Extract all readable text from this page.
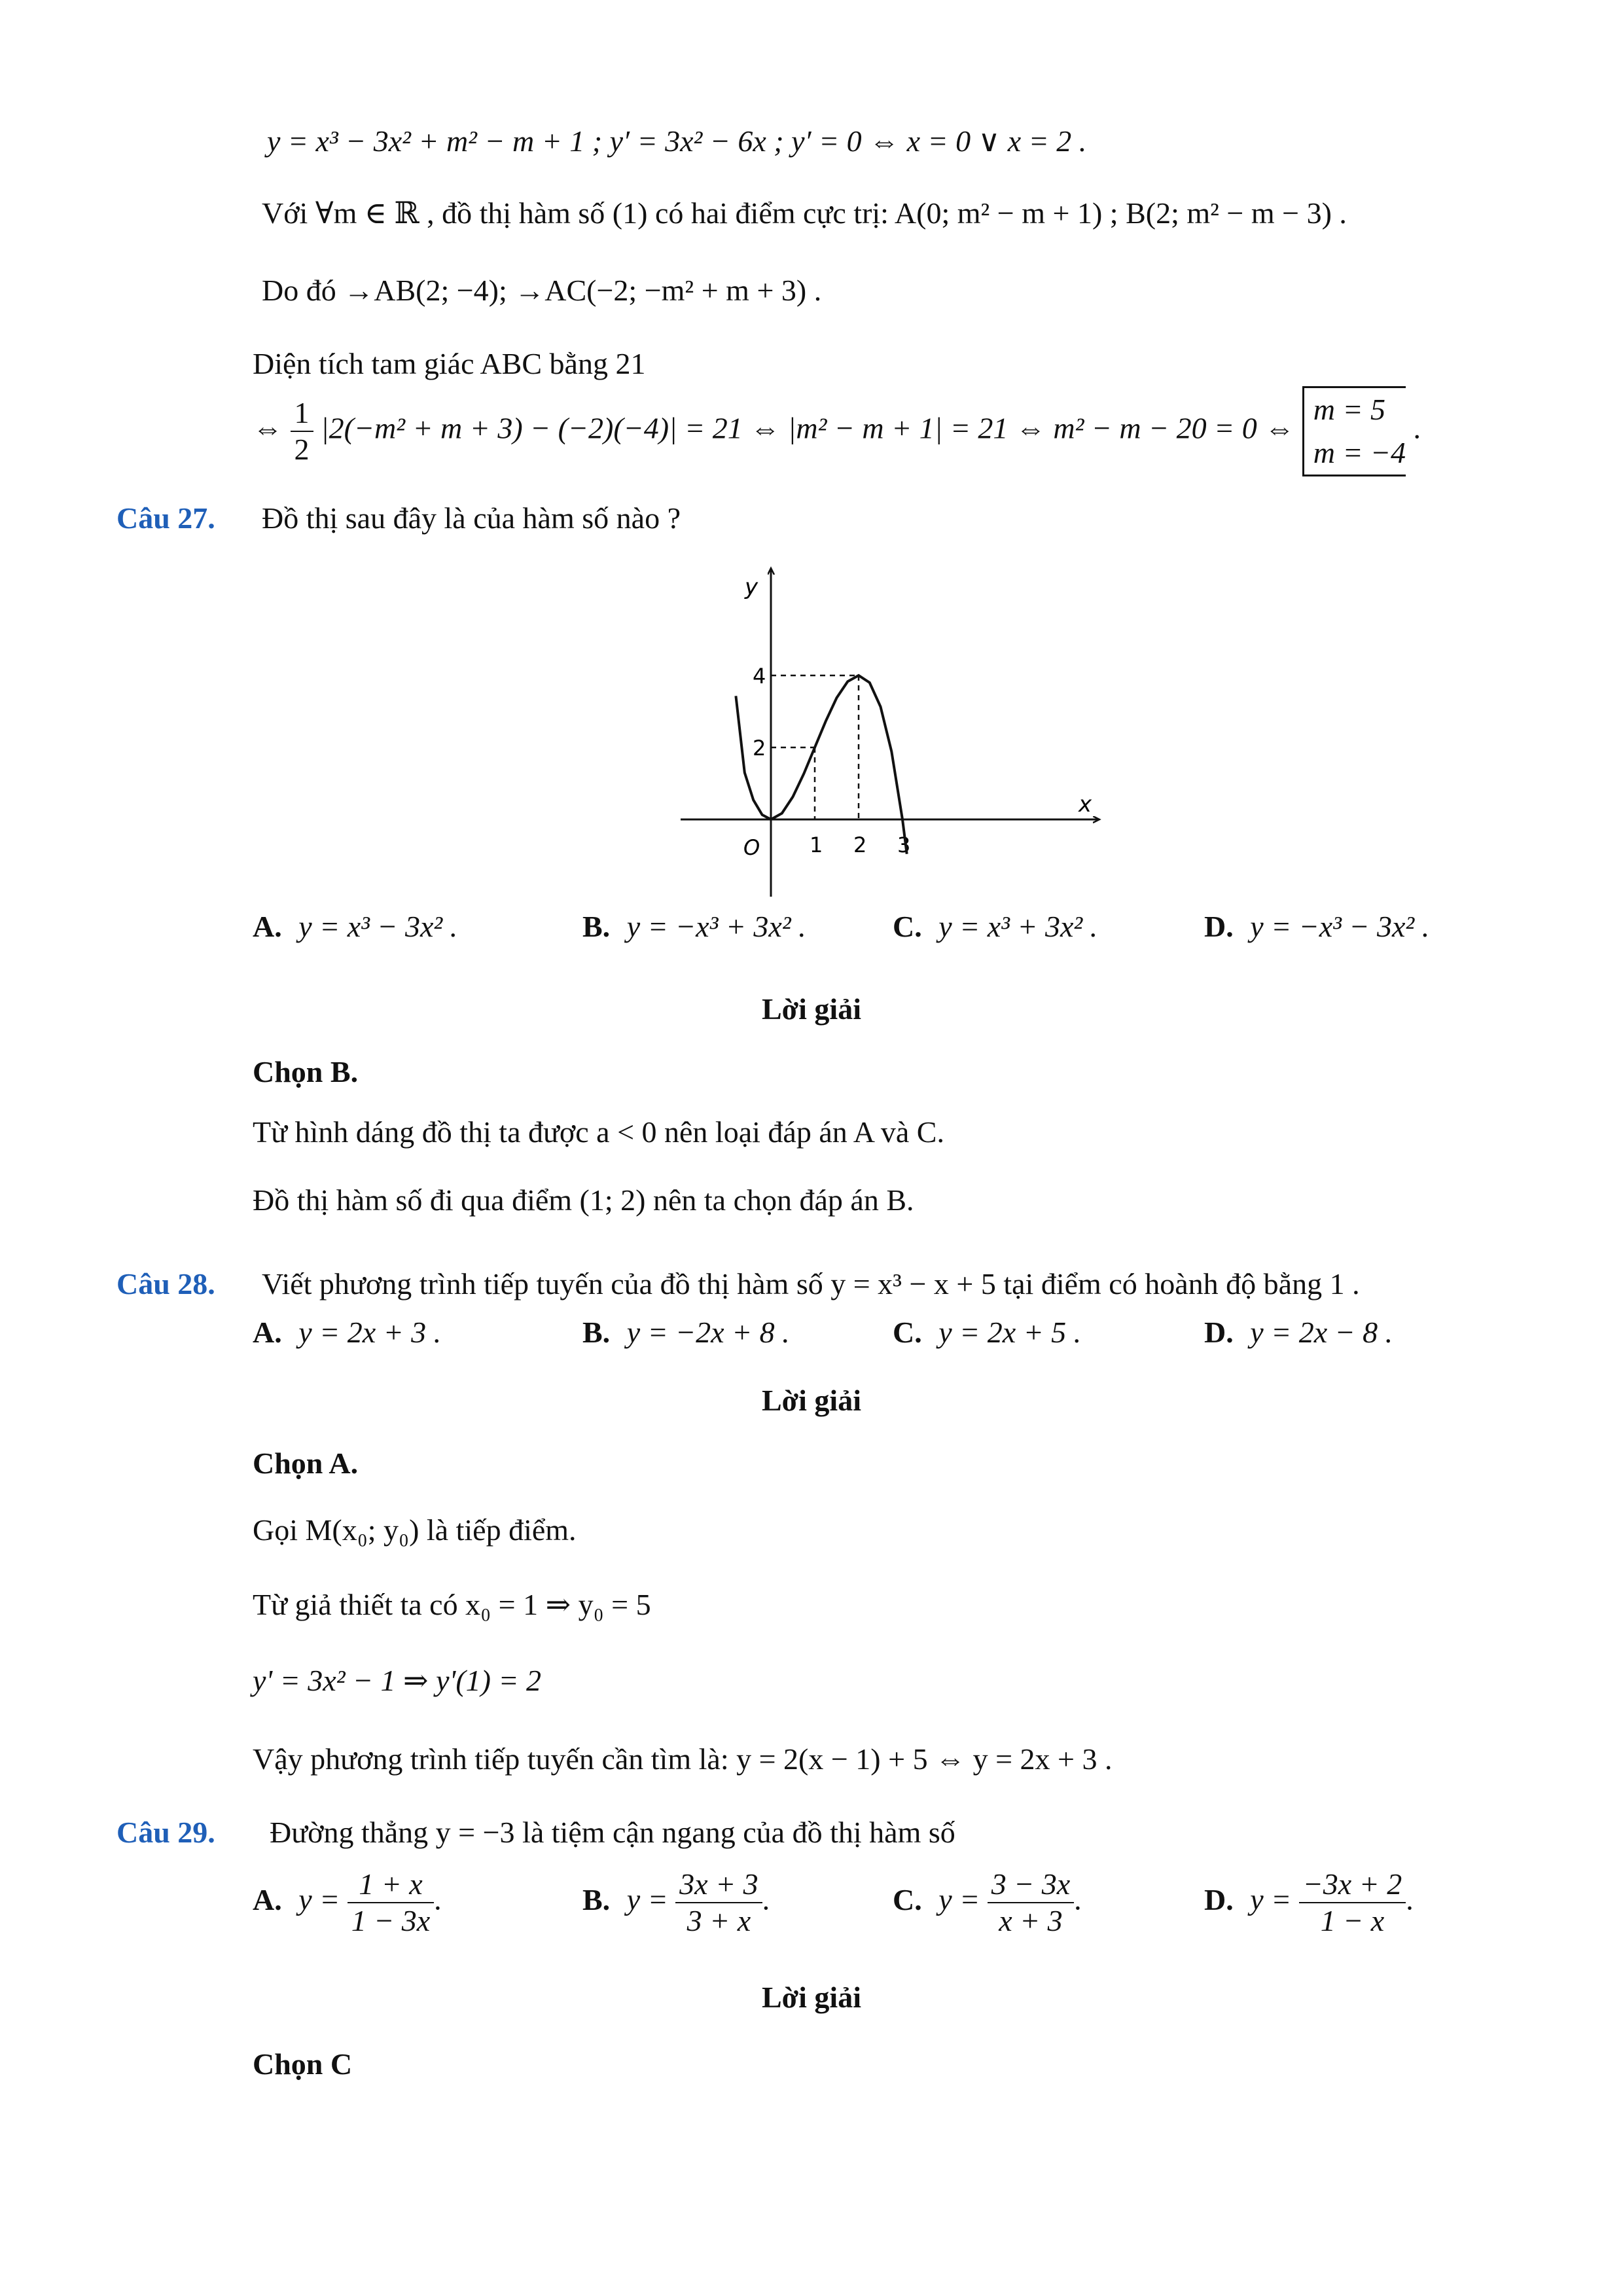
y = x³ − 3x² + m² − m + 1 ; y′ = 3x² − 6x ; y′ = 0 ⇔ x = 0 ∨ x = 2 .
Với ∀m ∈ ℝ , đồ thị hàm số (1) có hai điểm cực trị: A(0; m² − m + 1) ; B(2; m² − m − 3) .
Do đó →AB(2; −4); →AC(−2; −m² + m + 3) .
Diện tích tam giác ABC bằng 21
⇔ $\frac{1}{2} |2(-m^2 + m + 3) - (-2)(-4)| = 21$ ⇔ |m² − m + 1| = 21 ⇔ m² − m − 20 = 0 ⇔
m = 5
m = −4
.
Câu 27. Đồ thị sau đây là của hàm số nào ?
x
y
O 1 2 3
2
4
A. y = x³ − 3x² .	B. y = −x³ + 3x² .	C. y = x³ + 3x² .	D. y = −x³ − 3x² .
Lời giải
Chọn B.
Từ hình dáng đồ thị ta được a < 0 nên loại đáp án A và C.
Đồ thị hàm số đi qua điểm (1; 2) nên ta chọn đáp án B.
Câu 28. Viết phương trình tiếp tuyến của đồ thị hàm số y = x³ − x + 5 tại điểm có hoành độ bằng 1 .
A. y = 2x + 3 .	B. y = −2x + 8 .	C. y = 2x + 5 .	D. y = 2x − 8 .
Lời giải
Chọn A.
Gọi M(x₀; y₀) là tiếp điểm.
Từ giả thiết ta có x₀ = 1 ⇒ y₀ = 5
y' = 3x² − 1 ⇒ y'(1) = 2
Vậy phương trình tiếp tuyến cần tìm là: y = 2(x − 1) + 5 ⇔ y = 2x + 3 .
Câu 29. Đường thẳng y = −3 là tiệm cận ngang của đồ thị hàm số
A. $y = \frac{1 + x}{1 - 3x}$ .	B. $y = \frac{3x + 3}{3 + x}$ .	C. $y = \frac{3 - 3x}{x + 3}$ .	D. $y = \frac{-3x + 2}{1 - x}$ .
Lời giải
Chọn C
